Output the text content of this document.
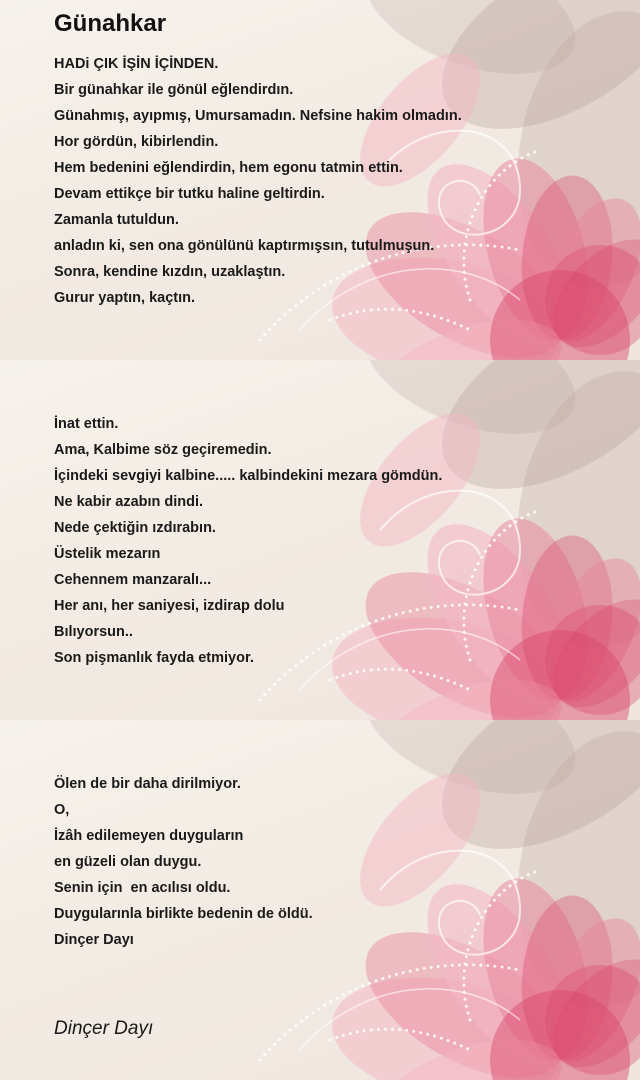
Günahkar
HADi ÇIK İŞİN İÇİNDEN.
Bir günahkar ile gönül eğlendirdın.
Günahmış, ayıpmış, Umursamadın. Nefsine hakim olmadın.
Hor gördün, kibirlendin.
Hem bedenini eğlendirdin, hem egonu tatmin ettin.
Devam ettikçe bir tutku haline geltirdin.
Zamanla tutuldun.
anladın ki, sen ona gönülünü kaptırmışsın, tutulmuşun.
Sonra, kendine kızdın, uzaklaştın.
Gurur yaptın, kaçtın.
İnat ettin.
Ama, Kalbime söz geçiremedin.
İçindeki sevgiyi kalbine..... kalbindekini mezara gömdün.
Ne kabir azabın dindi.
Nede çektiğin ızdırabın.
Üstelik mezarın
Cehennem manzaralı...
Her anı, her saniyesi, izdirap dolu
Bılıyorsun..
Son pişmanlık fayda etmiyor.
Ölen de bir daha dirilmiyor.
O,
İzâh edilemeyen duyguların
en güzeli olan duygu.
Senin için  en acılısı oldu.
Duygularınla birlikte bedenin de öldü.
Dinçer Dayı

Dinçer Dayı
